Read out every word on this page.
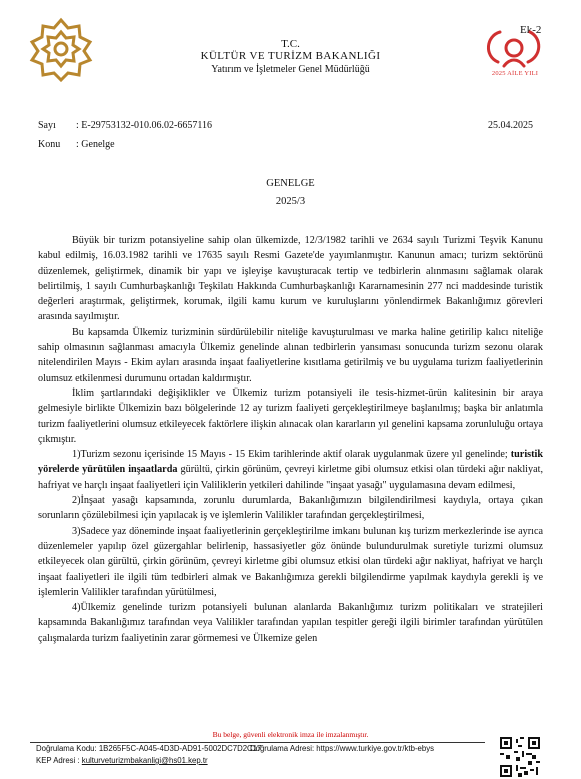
Ek-2
2025 AİLE YILI
T.C.
KÜLTÜR VE TURİZM BAKANLIĞI
Yatırım ve İşletmeler Genel Müdürlüğü
Sayı : E-29753132-010.06.02-6657116	25.04.2025
Konu : Genelge
GENELGE
2025/3

Büyük bir turizm potansiyeline sahip olan ülkemizde, 12/3/1982 tarihli ve 2634 sayılı Turizmi Teşvik Kanunu kabul edilmiş, 16.03.1982 tarihli ve 17635 sayılı Resmi Gazete'de yayımlanmıştır. Kanunun amacı; turizm sektörünü düzenlemek, geliştirmek, dinamik bir yapı ve işleyişe kavuşturacak tertip ve tedbirlerin alınmasını sağlamak olarak belirtilmiş, 1 sayılı Cumhurbaşkanlığı Teşkilatı Hakkında Cumhurbaşkanlığı Kararnamesinin 277 nci maddesinde turistik değerleri araştırmak, geliştirmek, korumak, ilgili kamu kurum ve kuruluşlarını yönlendirmek Bakanlığımız görevleri arasında sayılmıştır.

Bu kapsamda Ülkemiz turizminin sürdürülebilir niteliğe kavuşturulması ve marka haline getirilip kalıcı niteliğe sahip olmasının sağlanması amacıyla Ülkemiz genelinde alınan tedbirlerin yansıması sonucunda turizm sezonu olarak nitelendirilen Mayıs - Ekim ayları arasında inşaat faaliyetlerine kısıtlama getirilmiş ve bu uygulama turizm faaliyetlerinin olumsuz etkilenmesi durumunu ortadan kaldırmıştır.

İklim şartlarındaki değişiklikler ve Ülkemiz turizm potansiyeli ile tesis-hizmet-ürün kalitesinin bir araya gelmesiyle birlikte Ülkemizin bazı bölgelerinde 12 ay turizm faaliyeti gerçekleştirilmeye başlanılmış; başka bir anlatımla turizm faaliyetlerini olumsuz etkileyecek faktörlere ilişkin alınacak olan kararların yıl genelini kapsama zorunluluğu ortaya çıkmıştır.

1)Turizm sezonu içerisinde 15 Mayıs - 15 Ekim tarihlerinde aktif olarak uygulanmak üzere yıl genelinde; turistik yörelerde yürütülen inşaatlarda gürültü, çirkin görünüm, çevreyi kirletme gibi olumsuz etkisi olan türdeki ağır nakliyat, hafriyat ve harçlı inşaat faaliyetleri için Valiliklerin yetkileri dahilinde "inşaat yasağı" uygulamasına devam edilmesi,

2)İnşaat yasağı kapsamında, zorunlu durumlarda, Bakanlığımızın bilgilendirilmesi kaydıyla, ortaya çıkan sorunların çözülebilmesi için yapılacak iş ve işlemlerin Valilikler tarafından gerçekleştirilmesi,

3)Sadece yaz döneminde inşaat faaliyetlerinin gerçekleştirilme imkanı bulunan kış turizm merkezlerinde ise ayrıca düzenlemeler yapılıp özel güzergahlar belirlenip, hassasiyetler göz önünde bulundurulmak suretiyle turizmi olumsuz etkileyecek olan gürültü, çirkin görünüm, çevreyi kirletme gibi olumsuz etkisi olan türdeki ağır nakliyat, hafriyat ve harçlı inşaat faaliyetleri ile ilgili tüm tedbirleri almak ve Bakanlığımıza gerekli bilgilendirme yapılmak kaydıyla gerekli iş ve işlemlerin Valilikler tarafından yürütülmesi,

4)Ülkemiz genelinde turizm potansiyeli bulunan alanlarda Bakanlığımız turizm politikaları ve stratejileri kapsamında Bakanlığımız tarafından veya Valilikler tarafından yapılan tespitler gereği ilgili birimler tarafından yürütülen çalışmalarda turizm faaliyetinin zarar görmemesi ve Ülkemize gelen

Bu belge, güvenli elektronik imza ile imzalanmıştır.
Doğrulama Kodu: 1B265F5C-A045-4D3D-AD91-5002DC7D2C17
Doğrulama Adresi: https://www.turkiye.gov.tr/ktb-ebys
KEP Adresi : kulturveturizmbakanligi@hs01.kep.tr
